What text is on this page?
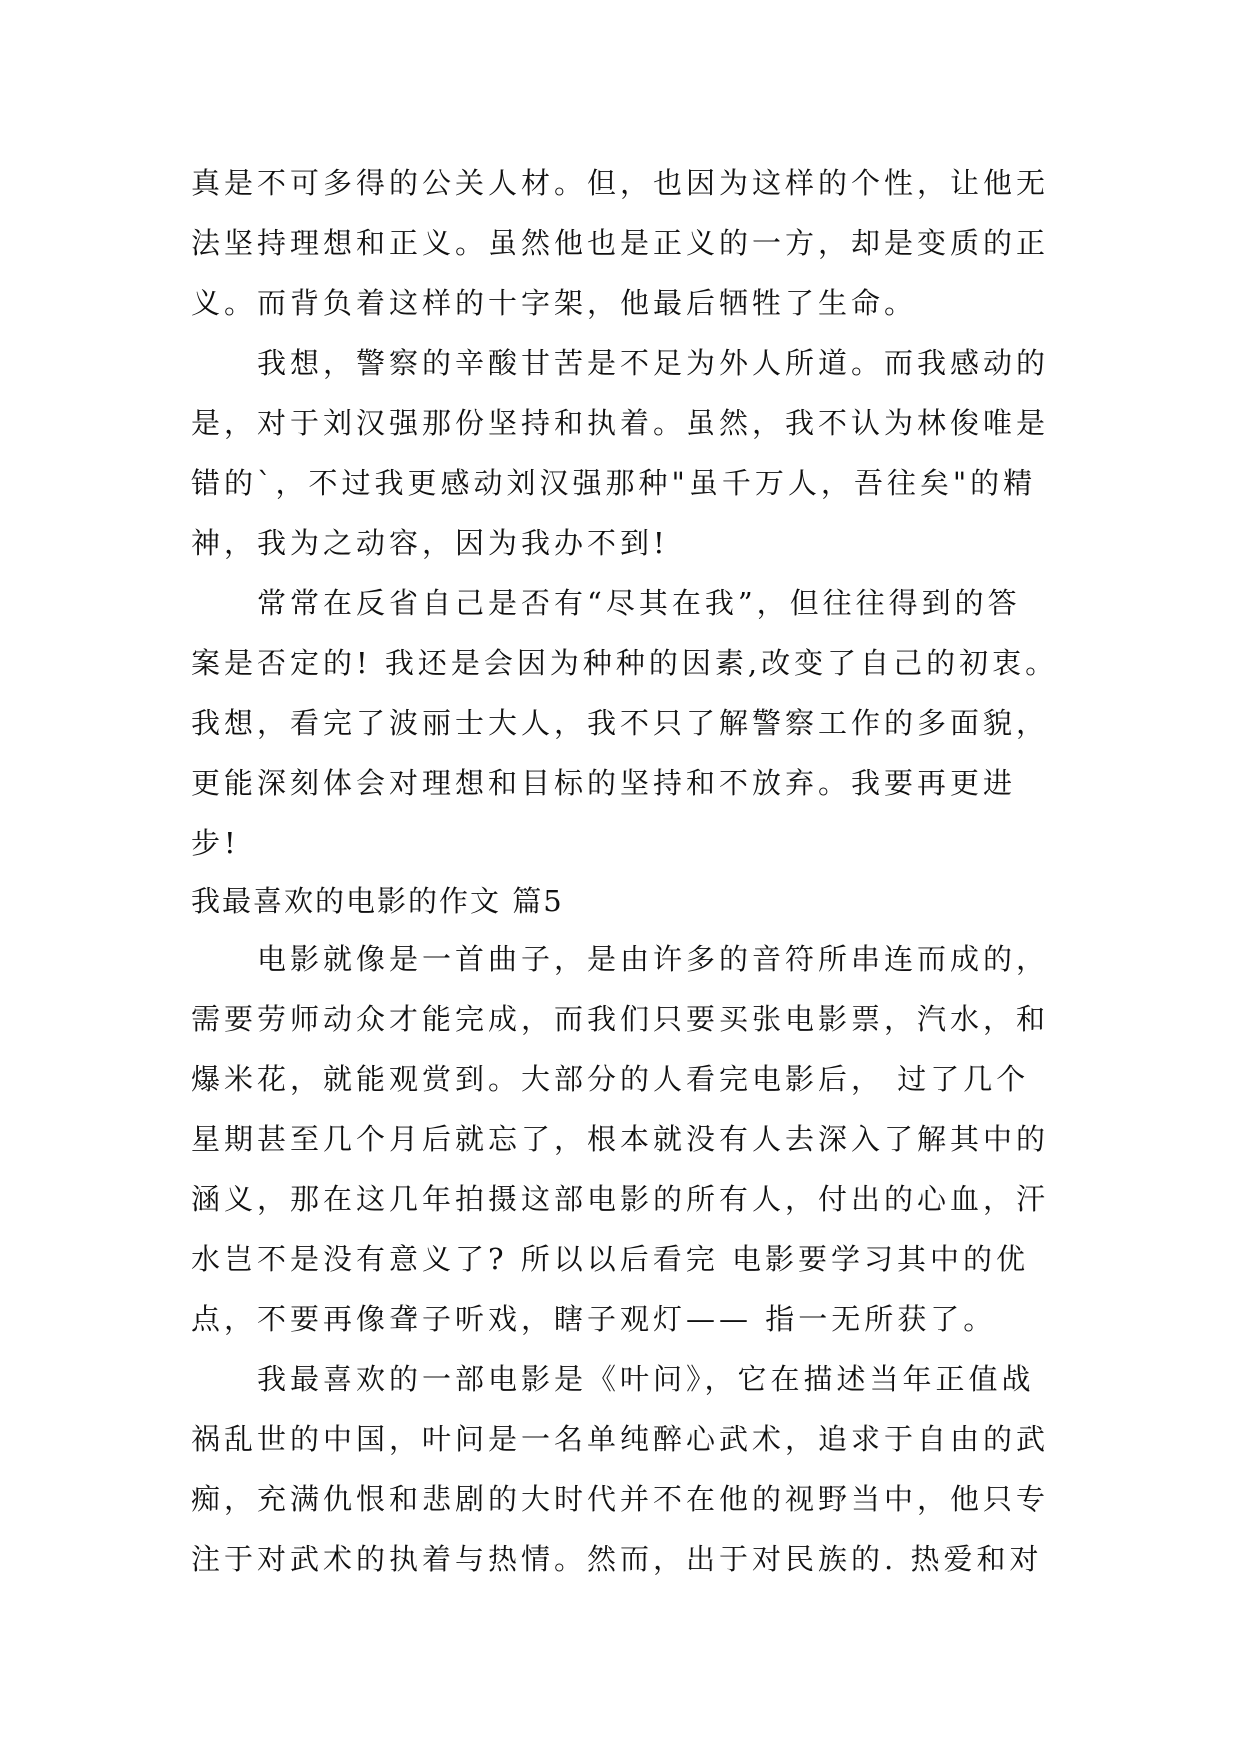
真是不可多得的公关人材。但，也因为这样的个性，让他无
法坚持理想和正义。虽然他也是正义的一方，却是变质的正
义。而背负着这样的十字架，他最后牺牲了生命。
　　我想，警察的辛酸甘苦是不足为外人所道。而我感动的
是，对于刘汉强那份坚持和执着。虽然，我不认为林俊唯是
错的`，不过我更感动刘汉强那种"虽千万人，吾往矣"的精
神，我为之动容，因为我办不到!
　　常常在反省自己是否有“尽其在我”，但往往得到的答
案是否定的! 我还是会因为种种的因素,改变了自己的初衷。
我想，看完了波丽士大人，我不只了解警察工作的多面貌，
更能深刻体会对理想和目标的坚持和不放弃。我要再更进
步!
我最喜欢的电影的作文 篇5
　　电影就像是一首曲子，是由许多的音符所串连而成的，
需要劳师动众才能完成，而我们只要买张电影票，汽水，和
爆米花，就能观赏到。大部分的人看完电影后， 过了几个
星期甚至几个月后就忘了，根本就没有人去深入了解其中的
涵义，那在这几年拍摄这部电影的所有人，付出的心血，汗
水岂不是没有意义了? 所以以后看完 电影要学习其中的优
点，不要再像聋子听戏，瞎子观灯—— 指一无所获了。
　　我最喜欢的一部电影是《叶问》，它在描述当年正值战
祸乱世的中国，叶问是一名单纯醉心武术，追求于自由的武
痴，充满仇恨和悲剧的大时代并不在他的视野当中，他只专
注于对武术的执着与热情。然而，出于对民族的. 热爱和对
